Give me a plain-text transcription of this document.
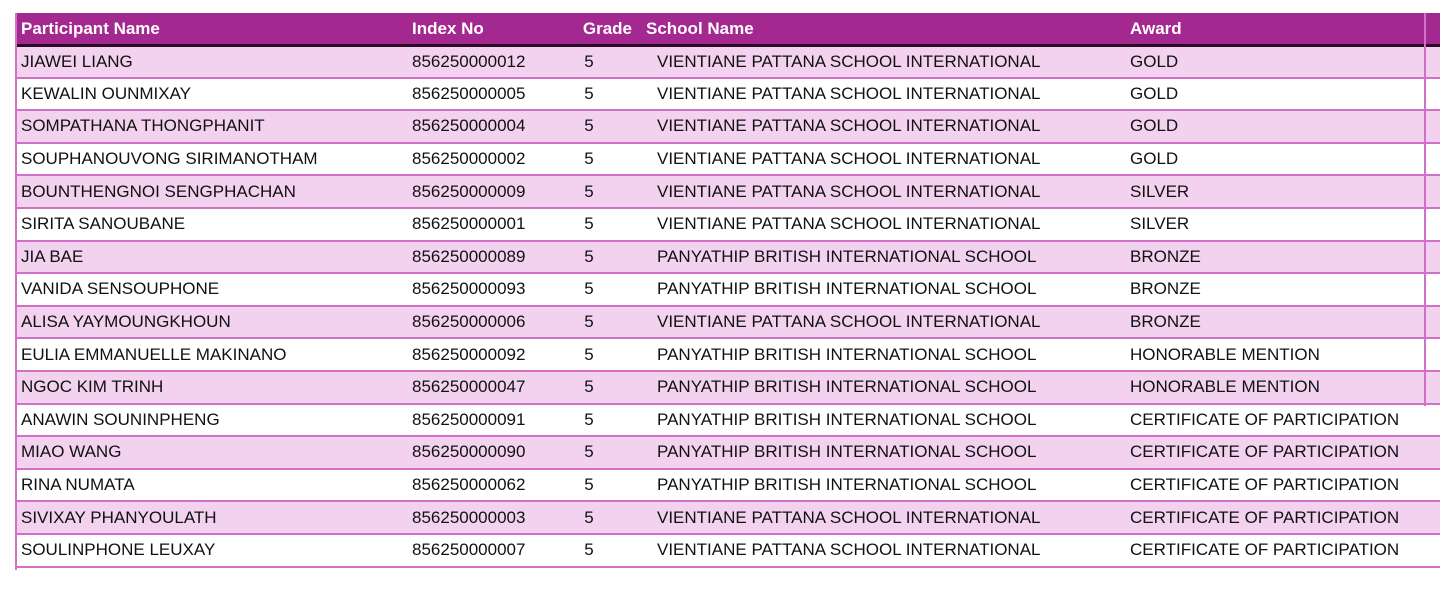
Participant Name	Index No	Grade	School Name	Award
JIAWEI LIANG	856250000012	5	VIENTIANE PATTANA SCHOOL INTERNATIONAL	GOLD
KEWALIN OUNMIXAY	856250000005	5	VIENTIANE PATTANA SCHOOL INTERNATIONAL	GOLD
SOMPATHANA THONGPHANIT	856250000004	5	VIENTIANE PATTANA SCHOOL INTERNATIONAL	GOLD
SOUPHANOUVONG SIRIMANOTHAM	856250000002	5	VIENTIANE PATTANA SCHOOL INTERNATIONAL	GOLD
BOUNTHENGNOI SENGPHACHAN	856250000009	5	VIENTIANE PATTANA SCHOOL INTERNATIONAL	SILVER
SIRITA SANOUBANE	856250000001	5	VIENTIANE PATTANA SCHOOL INTERNATIONAL	SILVER
JIA BAE	856250000089	5	PANYATHIP BRITISH INTERNATIONAL SCHOOL	BRONZE
VANIDA SENSOUPHONE	856250000093	5	PANYATHIP BRITISH INTERNATIONAL SCHOOL	BRONZE
ALISA YAYMOUNGKHOUN	856250000006	5	VIENTIANE PATTANA SCHOOL INTERNATIONAL	BRONZE
EULIA EMMANUELLE MAKINANO	856250000092	5	PANYATHIP BRITISH INTERNATIONAL SCHOOL	HONORABLE MENTION
NGOC KIM TRINH	856250000047	5	PANYATHIP BRITISH INTERNATIONAL SCHOOL	HONORABLE MENTION
ANAWIN SOUNINPHENG	856250000091	5	PANYATHIP BRITISH INTERNATIONAL SCHOOL	CERTIFICATE OF PARTICIPATION
MIAO WANG	856250000090	5	PANYATHIP BRITISH INTERNATIONAL SCHOOL	CERTIFICATE OF PARTICIPATION
RINA NUMATA	856250000062	5	PANYATHIP BRITISH INTERNATIONAL SCHOOL	CERTIFICATE OF PARTICIPATION
SIVIXAY PHANYOULATH	856250000003	5	VIENTIANE PATTANA SCHOOL INTERNATIONAL	CERTIFICATE OF PARTICIPATION
SOULINPHONE LEUXAY	856250000007	5	VIENTIANE PATTANA SCHOOL INTERNATIONAL	CERTIFICATE OF PARTICIPATION
